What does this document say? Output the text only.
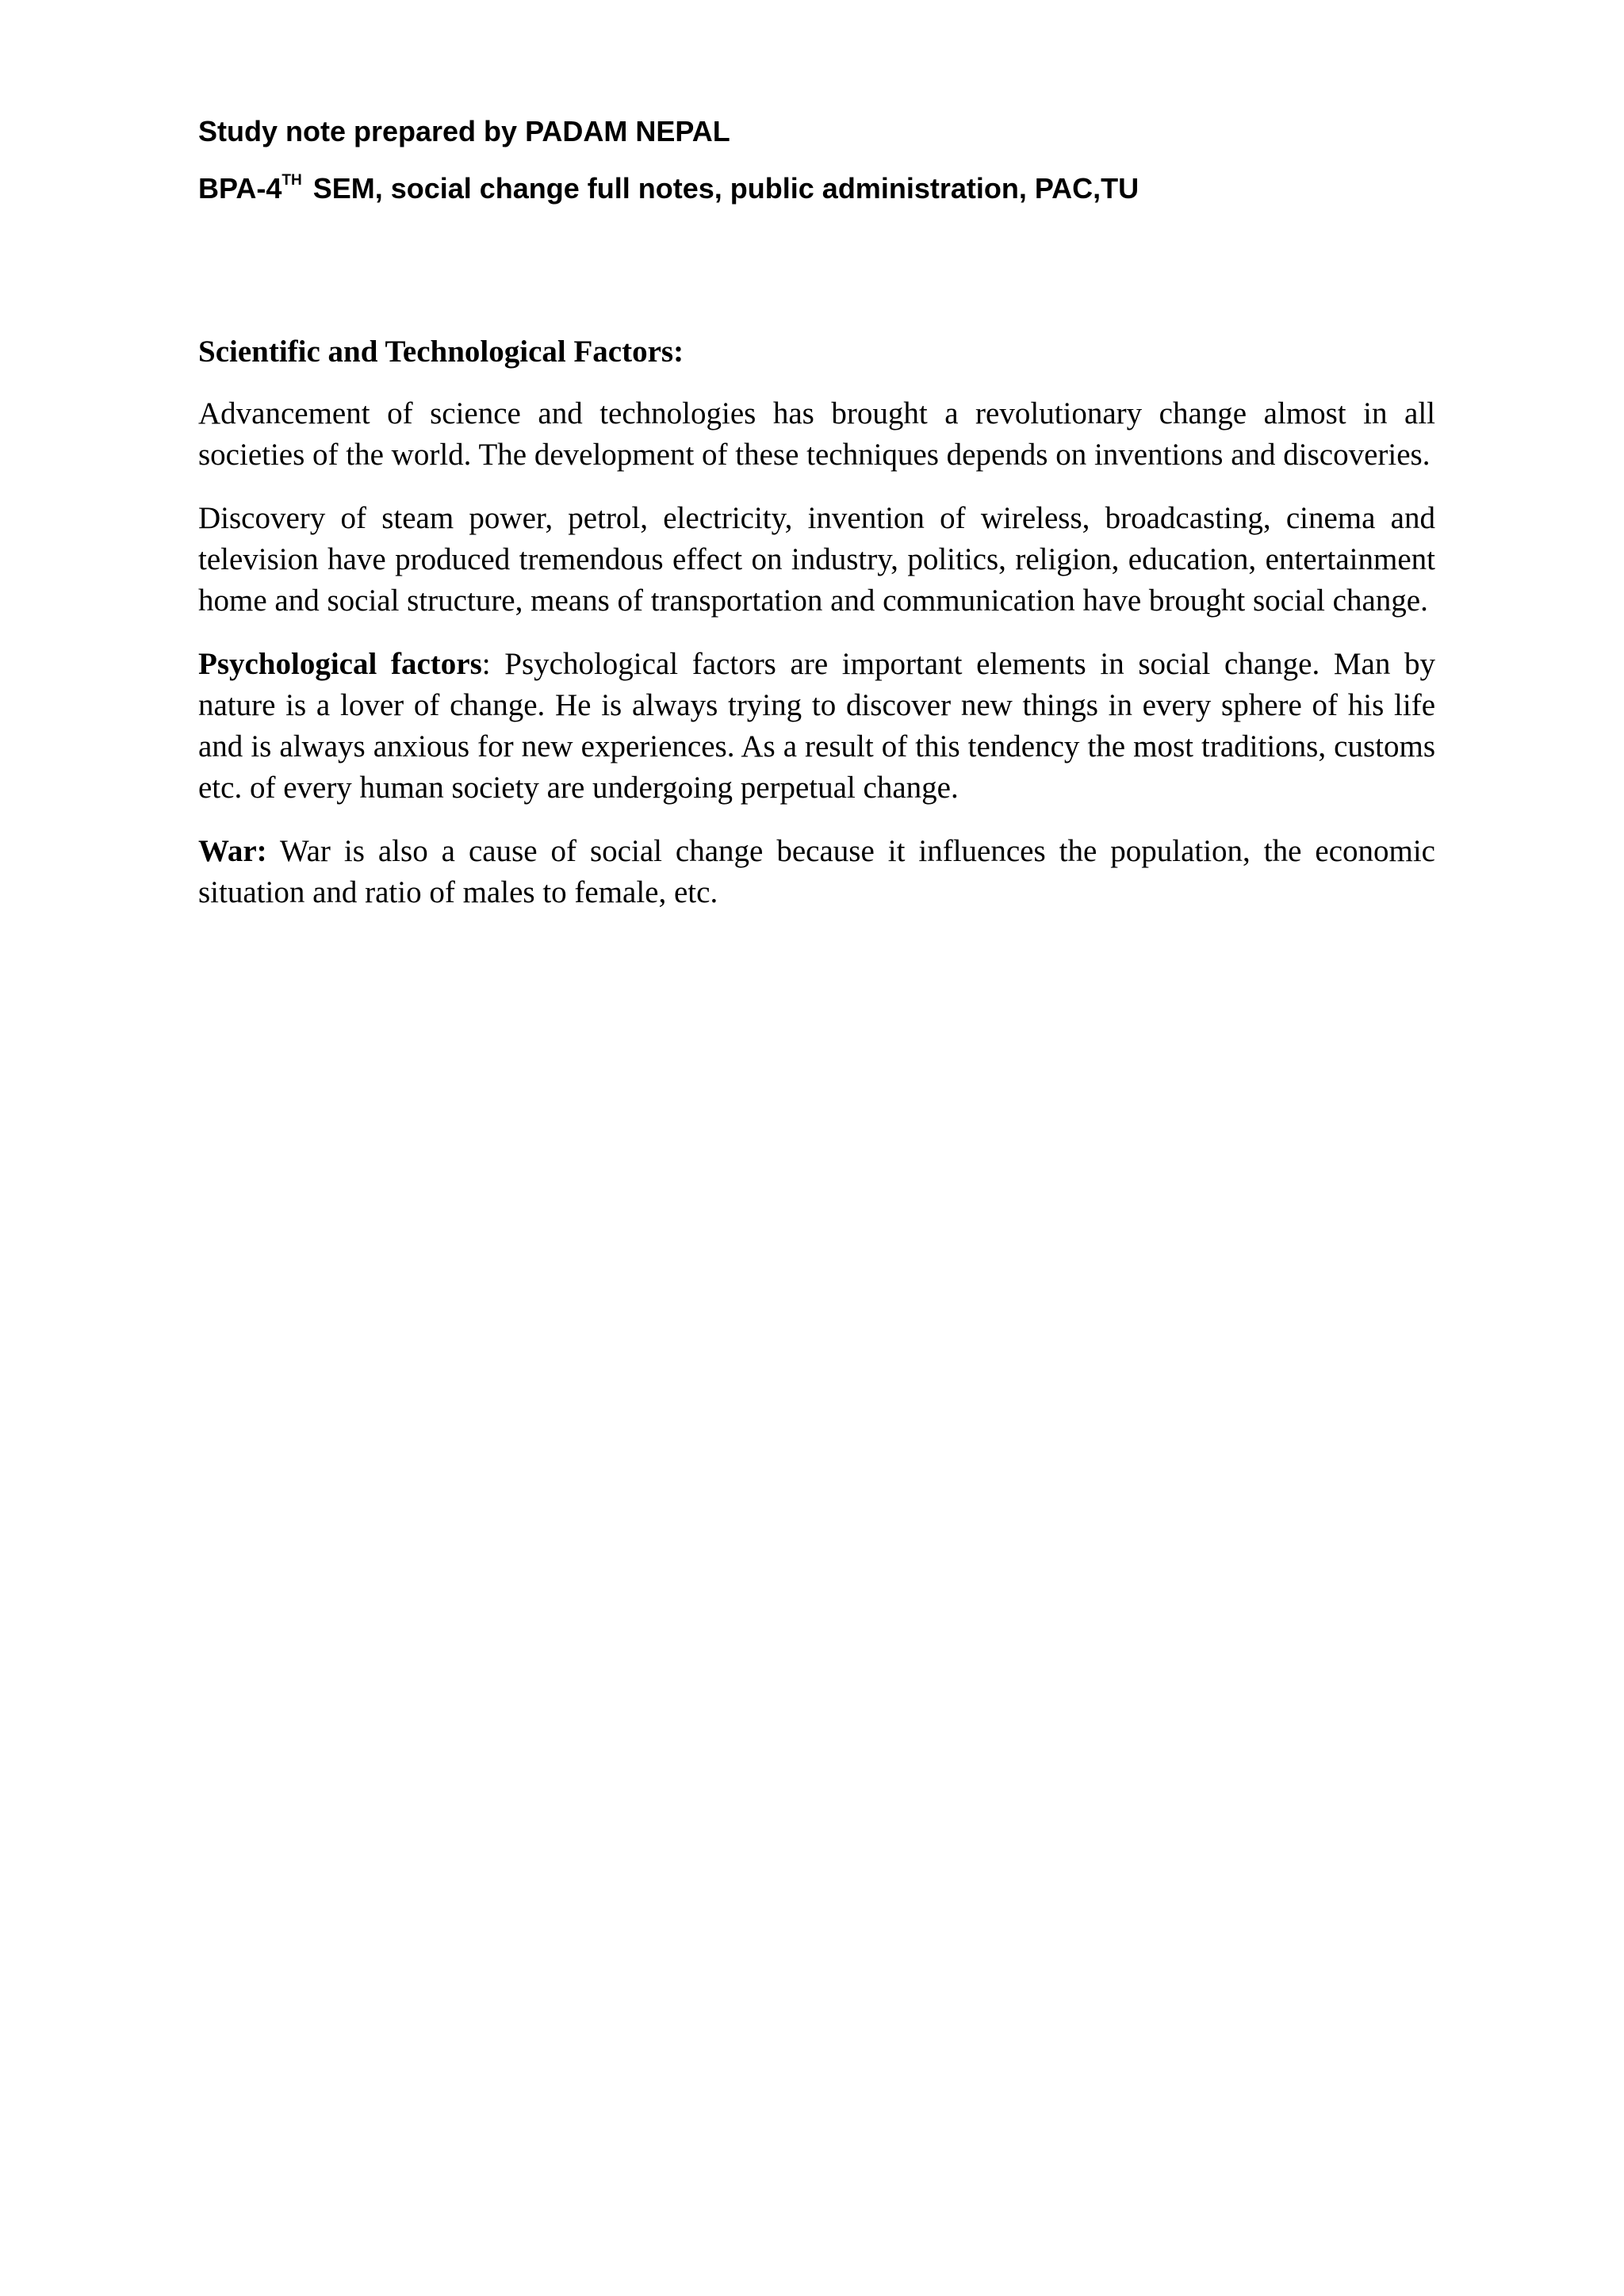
Study note prepared by PADAM NEPAL
BPA-4TH SEM, social change full notes, public administration, PAC,TU

Scientific and Technological Factors:

Advancement of science and technologies has brought a revolutionary change almost in all societies of the world. The development of these techniques depends on inventions and discoveries.

Discovery of steam power, petrol, electricity, invention of wireless, broadcasting, cinema and television have produced tremendous effect on industry, politics, religion, education, entertainment home and social structure, means of transportation and communication have brought social change.

Psychological factors: Psychological factors are important elements in social change. Man by nature is a lover of change. He is always trying to discover new things in every sphere of his life and is always anxious for new experiences. As a result of this tendency the most traditions, customs etc. of every human society are undergoing perpetual change.

War: War is also a cause of social change because it influences the population, the economic situation and ratio of males to female, etc.
